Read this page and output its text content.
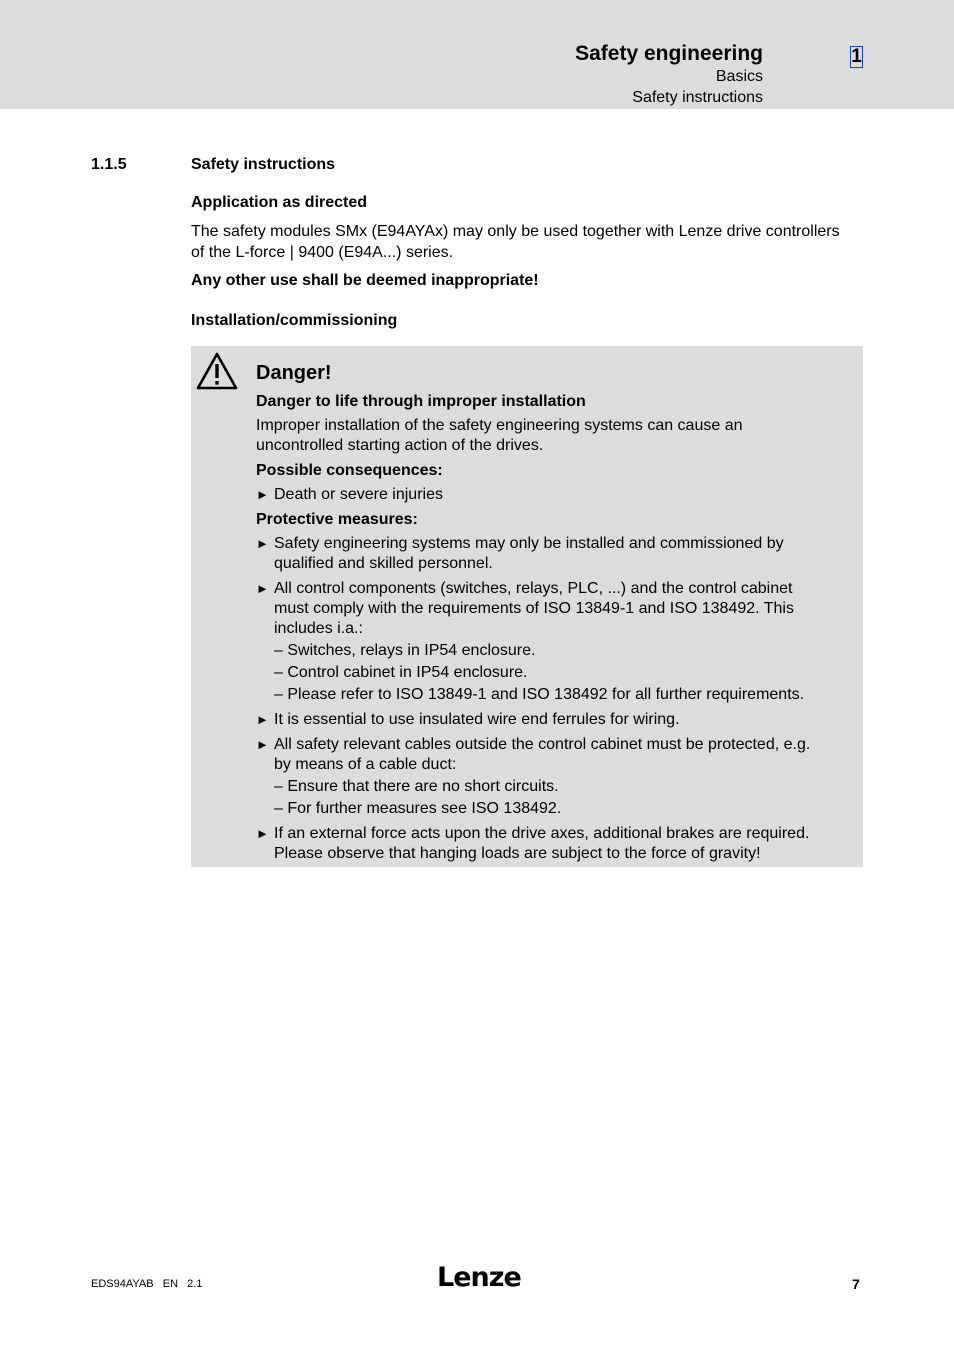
Safety engineering
Basics
Safety instructions
1
1.1.5	Safety instructions
Application as directed
The safety modules SMx (E94AYAx) may only be used together with Lenze drive controllers
of the L-force | 9400 (E94A...) series.
Any other use shall be deemed inappropriate!
Installation/commissioning
Danger!
Danger to life through improper installation
Improper installation of the safety engineering systems can cause an
uncontrolled starting action of the drives.
Possible consequences:
► Death or severe injuries
Protective measures:
► Safety engineering systems may only be installed and commissioned by
qualified and skilled personnel.
► All control components (switches, relays, PLC, ...) and the control cabinet
must comply with the requirements of ISO 13849-1 and ISO 138492. This
includes i.a.:
– Switches, relays in IP54 enclosure.
– Control cabinet in IP54 enclosure.
– Please refer to ISO 13849-1 and ISO 138492 for all further requirements.
► It is essential to use insulated wire end ferrules for wiring.
► All safety relevant cables outside the control cabinet must be protected, e.g.
by means of a cable duct:
– Ensure that there are no short circuits.
– For further measures see ISO 138492.
► If an external force acts upon the drive axes, additional brakes are required.
Please observe that hanging loads are subject to the force of gravity!
EDS94AYAB   EN   2.1	Lenze	7
